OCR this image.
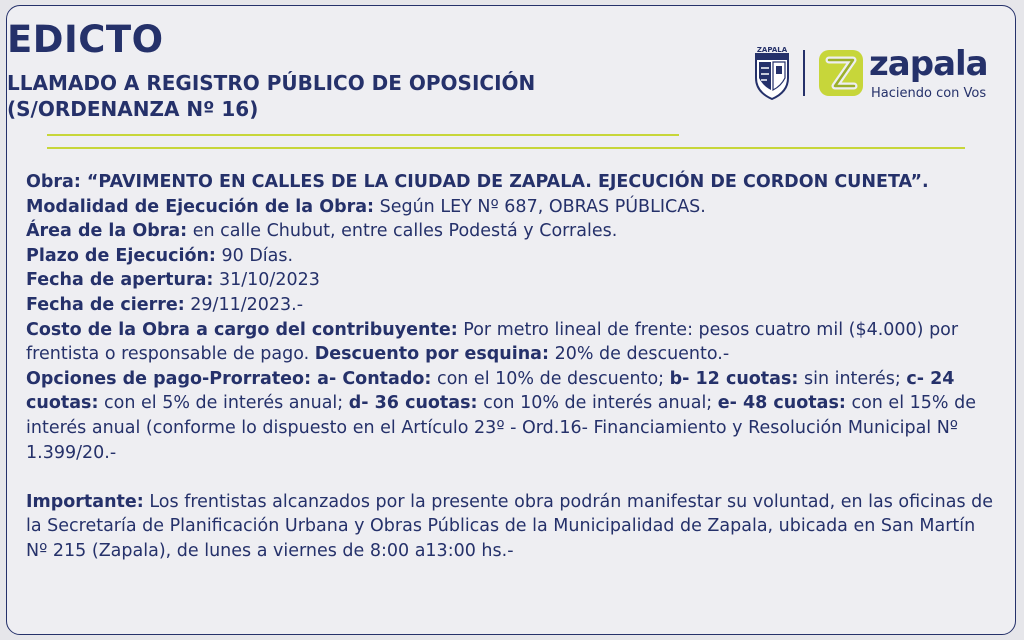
EDICTO
LLAMADO A REGISTRO PÚBLICO DE OPOSICIÓN
(S/ORDENANZA Nº 16)
ZAPALA zapala
Haciendo con Vos

Obra: “PAVIMENTO EN CALLES DE LA CIUDAD DE ZAPALA. EJECUCIÓN DE CORDON CUNETA”.

Modalidad de Ejecución de la Obra: Según LEY Nº 687, OBRAS PÚBLICAS.

Área de la Obra: en calle Chubut, entre calles Podestá y Corrales.

Plazo de Ejecución: 90 Días.

Fecha de apertura: 31/10/2023

Fecha de cierre: 29/11/2023.-

Costo de la Obra a cargo del contribuyente: Por metro lineal de frente: pesos cuatro mil ($4.000) por frentista o responsable de pago. Descuento por esquina: 20% de descuento.-

Opciones de pago-Prorrateo: a- Contado: con el 10% de descuento; b- 12 cuotas: sin interés; c- 24 cuotas: con el 5% de interés anual; d- 36 cuotas: con 10% de interés anual; e- 48 cuotas: con el 15% de interés anual (conforme lo dispuesto en el Artículo 23º - Ord.16- Financiamiento y Resolución Municipal Nº 1.399/20.-

Importante: Los frentistas alcanzados por la presente obra podrán manifestar su voluntad, en las oficinas de la Secretaría de Planificación Urbana y Obras Públicas de la Municipalidad de Zapala, ubicada en San Martín Nº 215 (Zapala), de lunes a viernes de 8:00 a13:00 hs.-
